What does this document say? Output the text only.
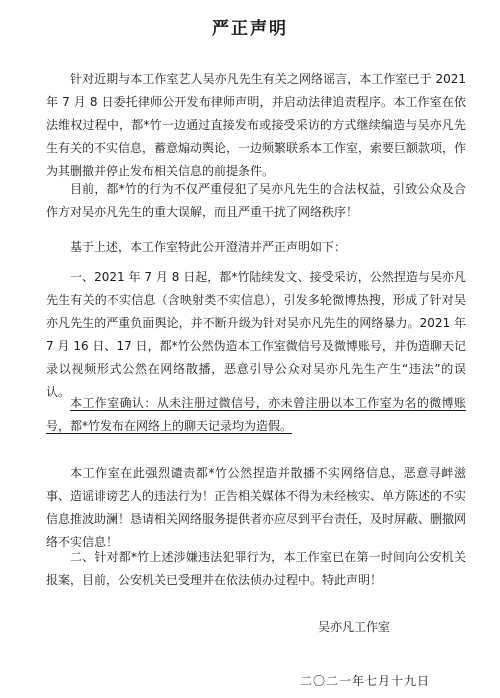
严正声明

针对近期与本工作室艺人吴亦凡先生有关之网络谣言，本工作室已于 2021 年 7 月 8 日委托律师公开发布律师声明，并启动法律追责程序。本工作室在依法维权过程中，都*竹一边通过直接发布或接受采访的方式继续编造与吴亦凡先生有关的不实信息，蓄意煽动舆论，一边频繁联系本工作室，索要巨额款项，作为其删撤并停止发布相关信息的前提条件。

目前，都*竹的行为不仅严重侵犯了吴亦凡先生的合法权益，引致公众及合作方对吴亦凡先生的重大误解，而且严重干扰了网络秩序！

基于上述，本工作室特此公开澄清并严正声明如下：

一、2021 年 7 月 8 日起，都*竹陆续发文、接受采访，公然捏造与吴亦凡先生有关的不实信息（含映射类不实信息），引发多轮微博热搜，形成了针对吴亦凡先生的严重负面舆论，并不断升级为针对吴亦凡先生的网络暴力。2021 年 7 月 16 日、17 日，都*竹公然伪造本工作室微信号及微博账号，并伪造聊天记录以视频形式公然在网络散播，恶意引导公众对吴亦凡先生产生“违法”的误认。

本工作室确认：从未注册过微信号，亦未曾注册以本工作室为名的微博账号，都*竹发布在网络上的聊天记录均为造假。

本工作室在此强烈谴责都*竹公然捏造并散播不实网络信息，恶意寻衅滋事、造谣诽谤艺人的违法行为！正告相关媒体不得为未经核实、单方陈述的不实信息推波助澜！恳请相关网络服务提供者亦应尽到平台责任，及时屏蔽、删撤网络不实信息！

二、针对都*竹上述涉嫌违法犯罪行为，本工作室已在第一时间向公安机关报案，目前，公安机关已受理并在依法侦办过程中。特此声明！

吴亦凡工作室
二〇二一年七月十九日
